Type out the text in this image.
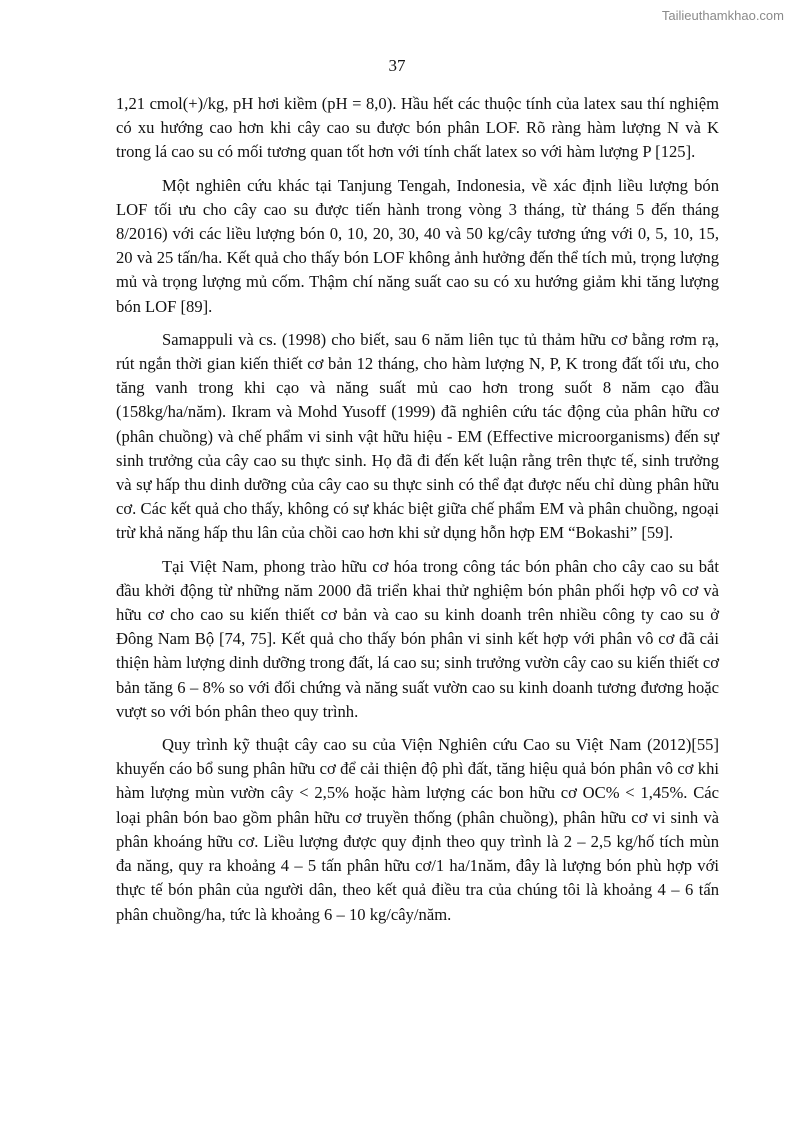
Tailieuthamkhao.com
37

1,21 cmol(+)/kg, pH hơi kiềm (pH = 8,0). Hầu hết các thuộc tính của latex sau thí nghiệm có xu hướng cao hơn khi cây cao su được bón phân LOF. Rõ ràng hàm lượng N và K trong lá cao su có mối tương quan tốt hơn với tính chất latex so với hàm lượng P [125].

Một nghiên cứu khác tại Tanjung Tengah, Indonesia, về xác định liều lượng bón LOF tối ưu cho cây cao su được tiến hành trong vòng 3 tháng, từ tháng 5 đến tháng 8/2016) với các liều lượng bón 0, 10, 20, 30, 40 và 50 kg/cây tương ứng với 0, 5, 10, 15, 20 và 25 tấn/ha. Kết quả cho thấy bón LOF không ảnh hưởng đến thể tích mủ, trọng lượng mủ và trọng lượng mủ cốm. Thậm chí năng suất cao su có xu hướng giảm khi tăng lượng bón LOF [89].

Samappuli và cs. (1998) cho biết, sau 6 năm liên tục tủ thảm hữu cơ bằng rơm rạ, rút ngắn thời gian kiến thiết cơ bản 12 tháng, cho hàm lượng N, P, K trong đất tối ưu, cho tăng vanh trong khi cạo và năng suất mủ cao hơn trong suốt 8 năm cạo đầu (158kg/ha/năm). Ikram và Mohd Yusoff (1999) đã nghiên cứu tác động của phân hữu cơ (phân chuồng) và chế phẩm vi sinh vật hữu hiệu - EM (Effective microorganisms) đến sự sinh trưởng của cây cao su thực sinh. Họ đã đi đến kết luận rằng trên thực tế, sinh trưởng và sự hấp thu dinh dưỡng của cây cao su thực sinh có thể đạt được nếu chỉ dùng phân hữu cơ. Các kết quả cho thấy, không có sự khác biệt giữa chế phẩm EM và phân chuồng, ngoại trừ khả năng hấp thu lân của chồi cao hơn khi sử dụng hỗn hợp EM “Bokashi” [59].

Tại Việt Nam, phong trào hữu cơ hóa trong công tác bón phân cho cây cao su bắt đầu khởi động từ những năm 2000 đã triển khai thử nghiệm bón phân phối hợp vô cơ và hữu cơ cho cao su kiến thiết cơ bản và cao su kinh doanh trên nhiều công ty cao su ở Đông Nam Bộ [74, 75]. Kết quả cho thấy bón phân vi sinh kết hợp với phân vô cơ đã cải thiện hàm lượng dinh dưỡng trong đất, lá cao su; sinh trưởng vườn cây cao su kiến thiết cơ bản tăng 6 – 8% so với đối chứng và năng suất vườn cao su kinh doanh tương đương hoặc vượt so với bón phân theo quy trình.

Quy trình kỹ thuật cây cao su của Viện Nghiên cứu Cao su Việt Nam (2012)[55] khuyến cáo bổ sung phân hữu cơ để cải thiện độ phì đất, tăng hiệu quả bón phân vô cơ khi hàm lượng mùn vườn cây < 2,5% hoặc hàm lượng các bon hữu cơ OC% < 1,45%. Các loại phân bón bao gồm phân hữu cơ truyền thống (phân chuồng), phân hữu cơ vi sinh và phân khoáng hữu cơ. Liều lượng được quy định theo quy trình là 2 – 2,5 kg/hố tích mùn đa năng, quy ra khoảng 4 – 5 tấn phân hữu cơ/1 ha/1năm, đây là lượng bón phù hợp với thực tế bón phân của người dân, theo kết quả điều tra của chúng tôi là khoảng 4 – 6 tấn phân chuồng/ha, tức là khoảng 6 – 10 kg/cây/năm.
